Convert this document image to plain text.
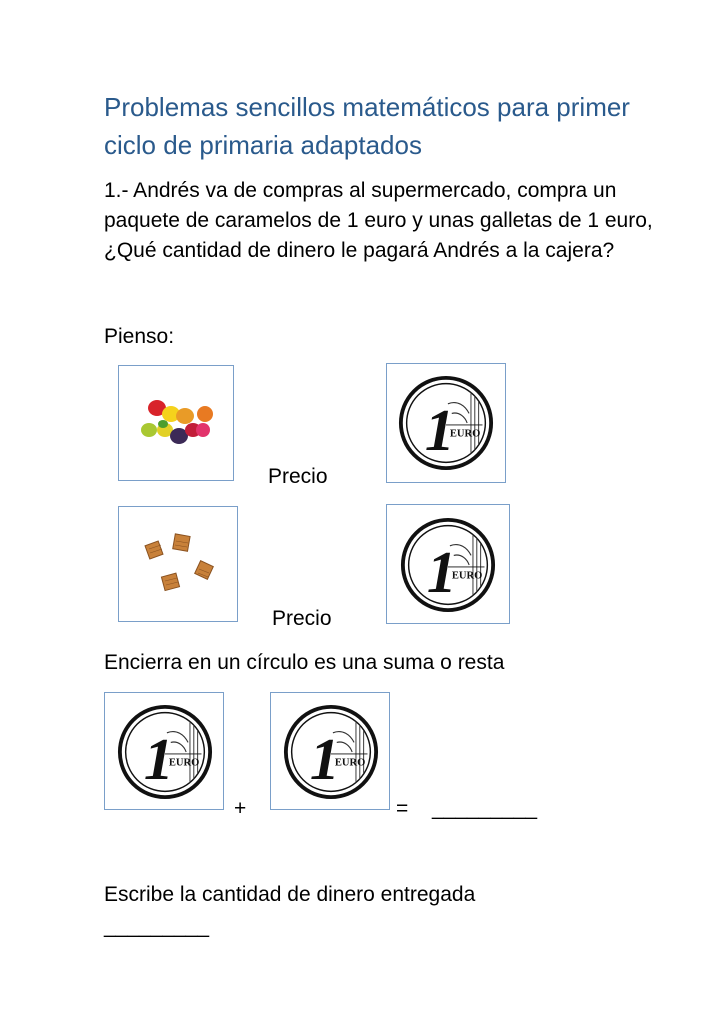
Problemas sencillos matemáticos para primer ciclo de primaria adaptados

1.- Andrés va de compras al supermercado, compra un paquete de caramelos de 1 euro y unas galletas de 1 euro, ¿Qué cantidad de dinero le pagará Andrés a la cajera?

Pienso:
Precio
1
EURO
Precio
1
EURO
Encierra en un círculo es una suma o resta
1
EURO
+
1
EURO
= _________
Escribe la cantidad de dinero entregada
_________
